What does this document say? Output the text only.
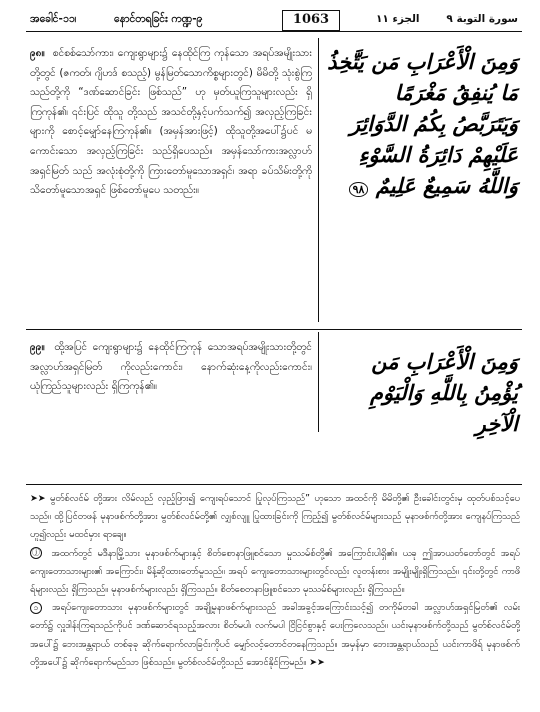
အခေါင်-၁၁၊	နောင်တရခြင်း ကဏ္ဍ-၉	1063	الجزء ١١	سورة التوبة ٩
၉၈။ စင်စစ်သော်ကား၊ ကျေးရွာများ၌ နေထိုင်ကြ ကုန်သော အရပ်အမျိုးသားတို့တွင် (ဇကတ်၊ ဂျိဟဒ် စသည့်) မွန်မြတ်သောကိစ္စများတွင်) မိမိတို့ သုံးစွဲကြ သည်တို့ကို “ဒဏ်ဆောင်ခြင်း ဖြစ်သည်” ဟု မှတ်ယူကြသူများလည်း ရှိကြကုန်၏၊ ၎င်းပြင် ထိုသူ တို့သည် အသင်တို့နှင့်ပက်သက်၍ အလှည့်ကြခြင်း များကို စောင့်မျှော်နေကြကုန်၏။ (အမှန်အားဖြင့်) ထိုသူတို့အပေါ်၌ပင် မကောင်းသော အလှည့်ကြခြင်း သည်ရှိပေသည်။ အမှန်သော်ကားအလ္လာဟ်အရှင်မြတ် သည် အလုံးစုံတို့ကို ကြားတော်မူသောအရှင်၊ အရာ ခပ်သိမ်းတို့ကို သိတော်မူသောအရှင် ဖြစ်တော်မူပေ သတည်း။
وَمِنَ الْأَعْرَابِ مَن يَتَّخِذُ مَا يُنفِقُ مَغْرَمًا وَيَتَرَبَّصُ بِكُمُ الدَّوَائِرَ عَلَيْهِمْ دَائِرَةُ السَّوْءِ وَاللَّهُ سَمِيعٌ عَلِيمٌ ٩٨
၉၉။ ထို့အပြင် ကျေးရွာများ၌ နေထိုင်ကြကုန် သောအရပ်အမျိုးသားတို့တွင် အလ္လာဟ်အရှင်မြတ် ကိုလည်းကောင်း၊ နောက်ဆုံးနေ့ကိုလည်းကောင်း၊ ယုံကြည်သူများလည်း ရှိကြကုန်၏။
وَمِنَ الْأَعْرَابِ مَن يُؤْمِنُ بِاللَّهِ وَالْيَوْمِ الْآخِرِ

➤➤ မွတ်စ်လင်မ် တို့အား လိမ်လည် လှည့်ဖြား၍ ကျေးရပ်သောင် ပြုလုပ်ကြသည်” ဟုသော အထင်ကို မိမိတို့၏ ဦးခေါင်းတွင်းမှ ထုတ်ပစ်သင့်ပေသည်။ ထို့ပြင်တဖန် မုနာဖစ်က်တို့အား မွတ်စ်လင်မ်တို့၏ လျှစ်လျူ ပြုထားခြင်းကို ကြည့်၍ မွတ်စ်လင်မ်များသည် မုနာဖစ်က်တို့အား ကျေနပ်ကြသည်ဟူ၍လည်း မထင်မှား ရာချေ။

ⓙ အထက်တွင် မဒီနာမြို့သား မုနာဖစ်က်များနှင့် စိတ်စောနာဖြူစင်သော မှုဿမ်စ်တို့၏ အကြောင်းပါရှိ၏။ ယခု ဤအာယတ်တော်တွင် အရပ်ကျေးတောသားများ၏ အကြောင်း၊ မိန့်ဆိုထားတော်မူသည်။ အရပ် ကျေးတောသားများတွင်လည်း လူတန်းစား အမျိုးမျိုးရှိကြသည်။ ၎င်းတို့တွင် ကာဖိရ်များလည်း ရှိကြသည်။ မုနာဖစ်က်များလည်း ရှိကြသည်။ စိတ်စေတနာဖြူစင်သော မုဿမ်စ်များလည်း ရှိကြသည်။

၁ အရပ်ကျေးတောသား မုနာဖစ်က်များတွင် အချို့မုနာဖစ်က်များသည် အခါအခွင့်အကြောင်းသင့်၍ တကိုမ်တခါ အလ္လာဟ်အရှင်မြတ်၏ လမ်းတော်၌ လှူဒါန်းကြရသည်ကိုပင် ဒဏ်ဆောင်ရသည့်အလား စိတ်မပါ၊ လက်မပါ ငြိငြင်စွာနှင့် ပေးကြလေသည်။ ယင်းမုနာဖစ်က်တို့သည် မွတ်စ်လင်မ်တို့အပေါ်၌ ဘေးအန္တရာယ် တစ်ခုခု ဆိုက်ရောက်လာခြင်းကိုပင် မျှော်လင့်တောင်တနေကြသည်။ အမှန်မှာ ဘေးအန္တရာယ်သည် ယင်းကာဖိရ် မုနာဖစ်က်တို့အပေါ်၌ ဆိုက်ရောက်မည်သာ ဖြစ်သည်။ မွတ်စ်လင်မ်တို့သည် အောင်နိုင်ကြမည်။ ➤➤
